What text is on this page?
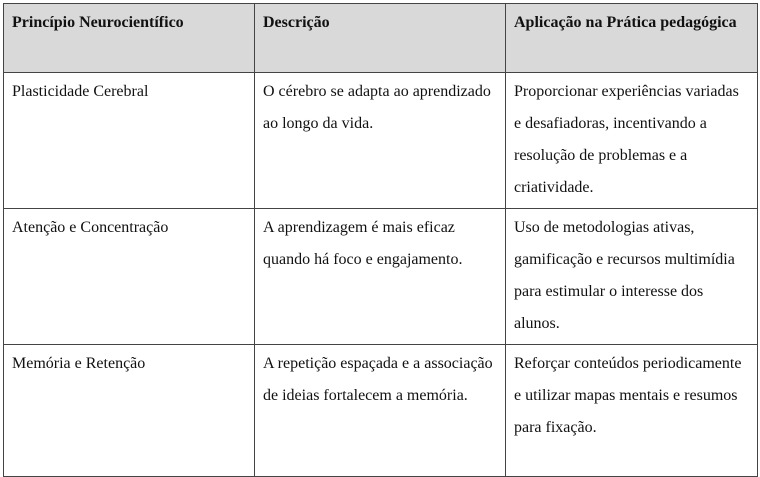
Princípio Neurocientífico	Descrição	Aplicação na Prática pedagógica
Plasticidade Cerebral	O cérebro se adapta ao aprendizado ao longo da vida.	Proporcionar experiências variadas e desafiadoras, incentivando a resolução de problemas e a criatividade.
Atenção e Concentração	A aprendizagem é mais eficaz quando há foco e engajamento.	Uso de metodologias ativas, gamificação e recursos multimídia para estimular o interesse dos alunos.
Memória e Retenção	A repetição espaçada e a associação de ideias fortalecem a memória.	Reforçar conteúdos periodicamente e utilizar mapas mentais e resumos para fixação.
